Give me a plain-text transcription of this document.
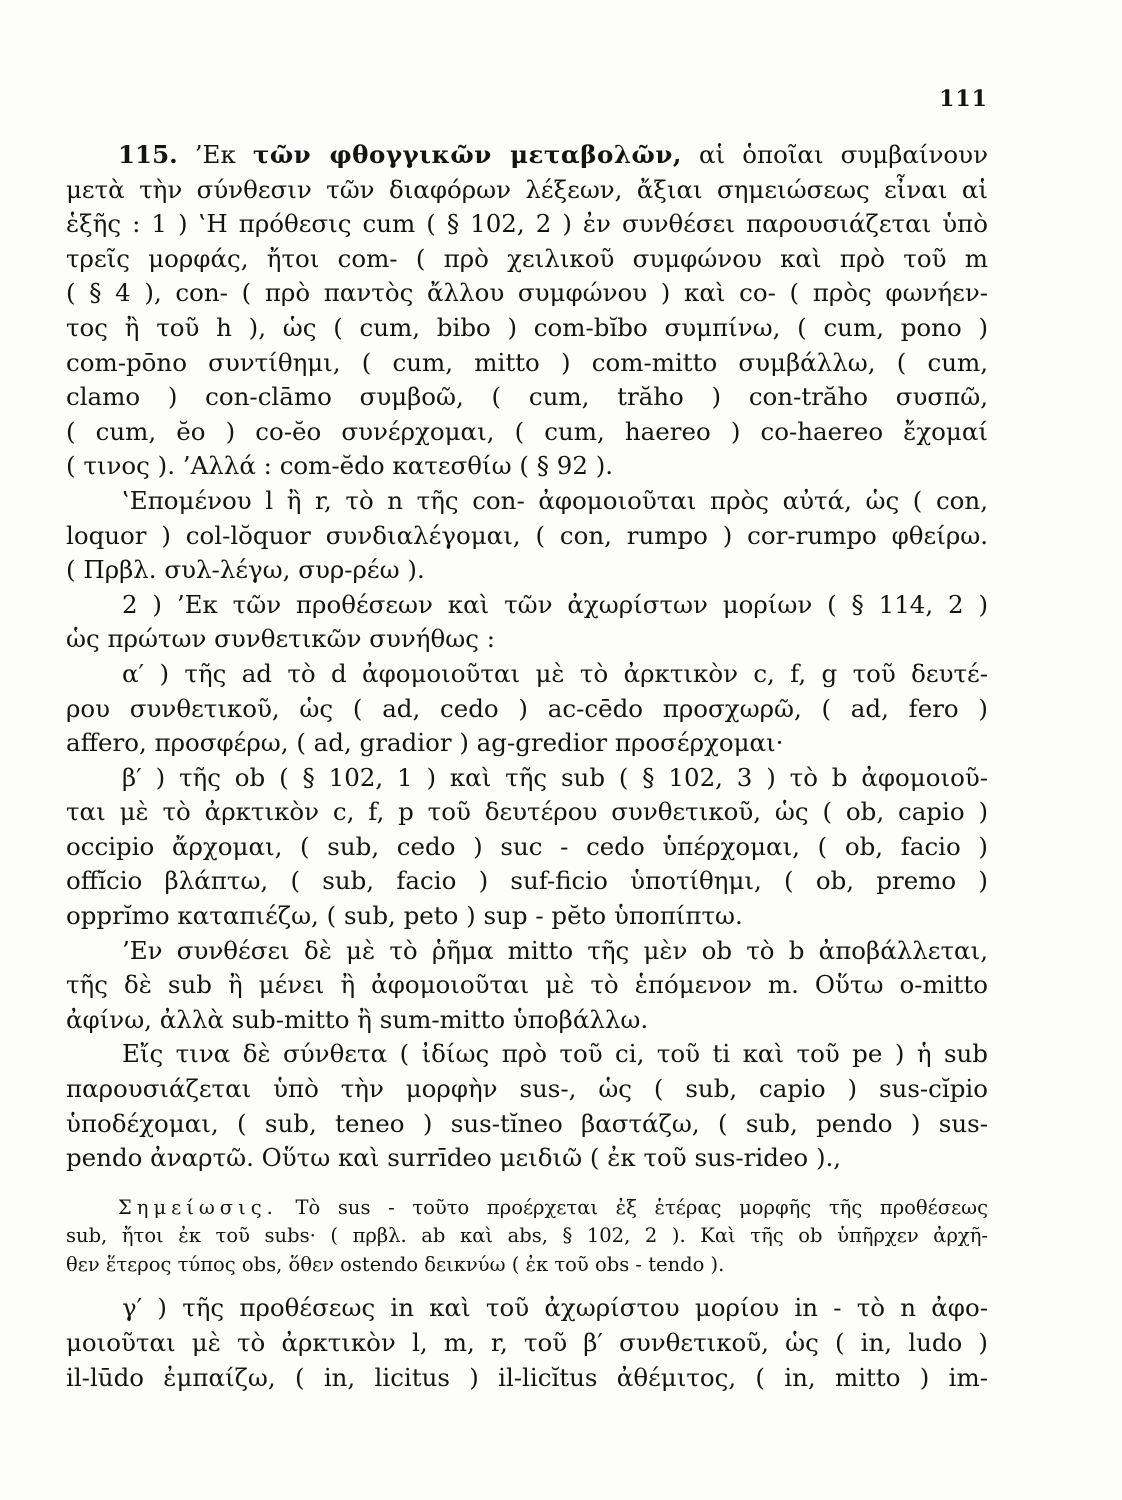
111
115. ’Εκ τῶν φθογγικῶν μεταβολῶν, αἱ ὁποῖαι συμβαίνουν
μετὰ τὴν σύνθεσιν τῶν διαφόρων λέξεων, ἄξιαι σημειώσεως εἶναι αἱ
ἑξῆς : 1 ) ‛Η πρόθεσις cum ( § 102, 2 ) ἐν συνθέσει παρουσιάζεται ὑπὸ
τρεῖς μορφάς, ἤτοι com- ( πρὸ χειλικοῦ συμφώνου καὶ πρὸ τοῦ m
( § 4 ), con- ( πρὸ παντὸς ἄλλου συμφώνου ) καὶ co- ( πρὸς φωνήεν-
τος ἢ τοῦ h ), ὡς ( cum, bibo ) com-bĭbo συμπίνω, ( cum, pono )
com-pōno συντίθημι, ( cum, mitto ) com-mitto συμβάλλω, ( cum,
clamo ) con-clāmo συμβοῶ, ( cum, trăho ) con-trăho συσπῶ,
( cum, ĕo ) co-ĕo συνέρχομαι, ( cum, haereo ) co-haereo ἔχομαί
( τινος ). ’Αλλά : com-ĕdo κατεσθίω ( § 92 ).
‛Επομένου l ἢ r, τὸ n τῆς con- ἀφομοιοῦται πρὸς αὐτά, ὡς ( con,
loquor ) col-lŏquor συνδιαλέγομαι, ( con, rumpo ) cor-rumpo φθείρω.
( Πρβλ. συλ-λέγω, συρ-ρέω ).
2 ) ’Εκ τῶν προθέσεων καὶ τῶν ἀχωρίστων μορίων ( § 114, 2 )
ὡς πρώτων συνθετικῶν συνήθως :
α′ ) τῆς ad τὸ d ἀφομοιοῦται μὲ τὸ ἀρκτικὸν c, f, g τοῦ δευτέ-
ρου συνθετικοῦ, ὡς ( ad, cedo ) ac-cēdo προσχωρῶ, ( ad, fero )
affero, προσφέρω, ( ad, gradior ) ag-gredior προσέρχομαι·
β′ ) τῆς ob ( § 102, 1 ) καὶ τῆς sub ( § 102, 3 ) τὸ b ἀφομοιοῦ-
ται μὲ τὸ ἀρκτικὸν c, f, p τοῦ δευτέρου συνθετικοῦ, ὡς ( ob, capio )
occipio ἄρχομαι, ( sub, cedo ) suc - cedo ὑπέρχομαι, ( ob, facio )
offĭcio βλάπτω, ( sub, facio ) suf-ficio ὑποτίθημι, ( ob, premo )
opprĭmo καταπιέζω, ( sub, peto ) sup - pĕto ὑποπίπτω.
’Εν συνθέσει δὲ μὲ τὸ ῥῆμα mitto τῆς μὲν ob τὸ b ἀποβάλλεται,
τῆς δὲ sub ἢ μένει ἢ ἀφομοιοῦται μὲ τὸ ἑπόμενον m. Οὕτω o-mitto
ἀφίνω, ἀλλὰ sub-mitto ἢ sum-mitto ὑποβάλλω.
Εἴς τινα δὲ σύνθετα ( ἰδίως πρὸ τοῦ ci, τοῦ ti καὶ τοῦ pe ) ἡ sub
παρουσιάζεται ὑπὸ τὴν μορφὴν sus-, ὡς ( sub, capio ) sus-cĭpio
ὑποδέχομαι, ( sub, teneo ) sus-tĭneo βαστάζω, ( sub, pendo ) sus-
pendo ἀναρτῶ. Οὕτω καὶ surrīdeo μειδιῶ ( ἐκ τοῦ sus-rideo ).,
Σημείωσις. Τὸ sus - τοῦτο προέρχεται ἐξ ἑτέρας μορφῆς τῆς προθέσεως
sub, ἤτοι ἐκ τοῦ subs· ( πρβλ. ab καὶ abs, § 102, 2 ). Καὶ τῆς ob ὑπῆρχεν ἀρχῆ-
θεν ἕτερος τύπος obs, ὅθεν ostendo δεικνύω ( ἐκ τοῦ obs - tendo ).
γ′ ) τῆς προθέσεως in καὶ τοῦ ἀχωρίστου μορίου in - τὸ n ἀφο-
μοιοῦται μὲ τὸ ἀρκτικὸν l, m, r, τοῦ β′ συνθετικοῦ, ὡς ( in, ludo )
il-lūdo ἐμπαίζω, ( in, licitus ) il-licĭtus ἀθέμιτος, ( in, mitto ) im-
